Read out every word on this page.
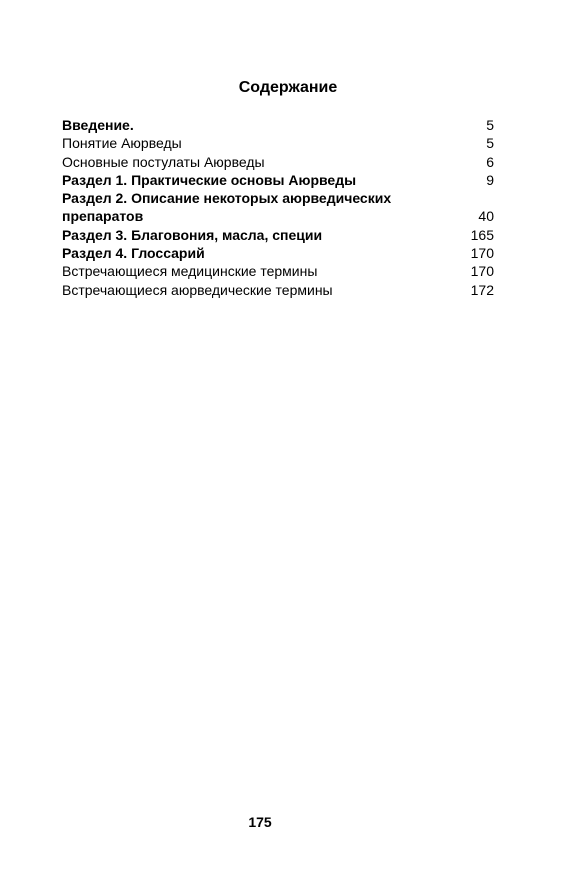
Содержание
Введение.	5
Понятие Аюрведы	5
Основные постулаты Аюрведы	6
Раздел 1. Практические основы Аюрведы	9
Раздел 2. Описание некоторых аюрведических препаратов	40
Раздел 3. Благовония, масла, специи	165
Раздел 4. Глоссарий	170
Встречающиеся медицинские термины	170
Встречающиеся аюрведические термины	172
175
